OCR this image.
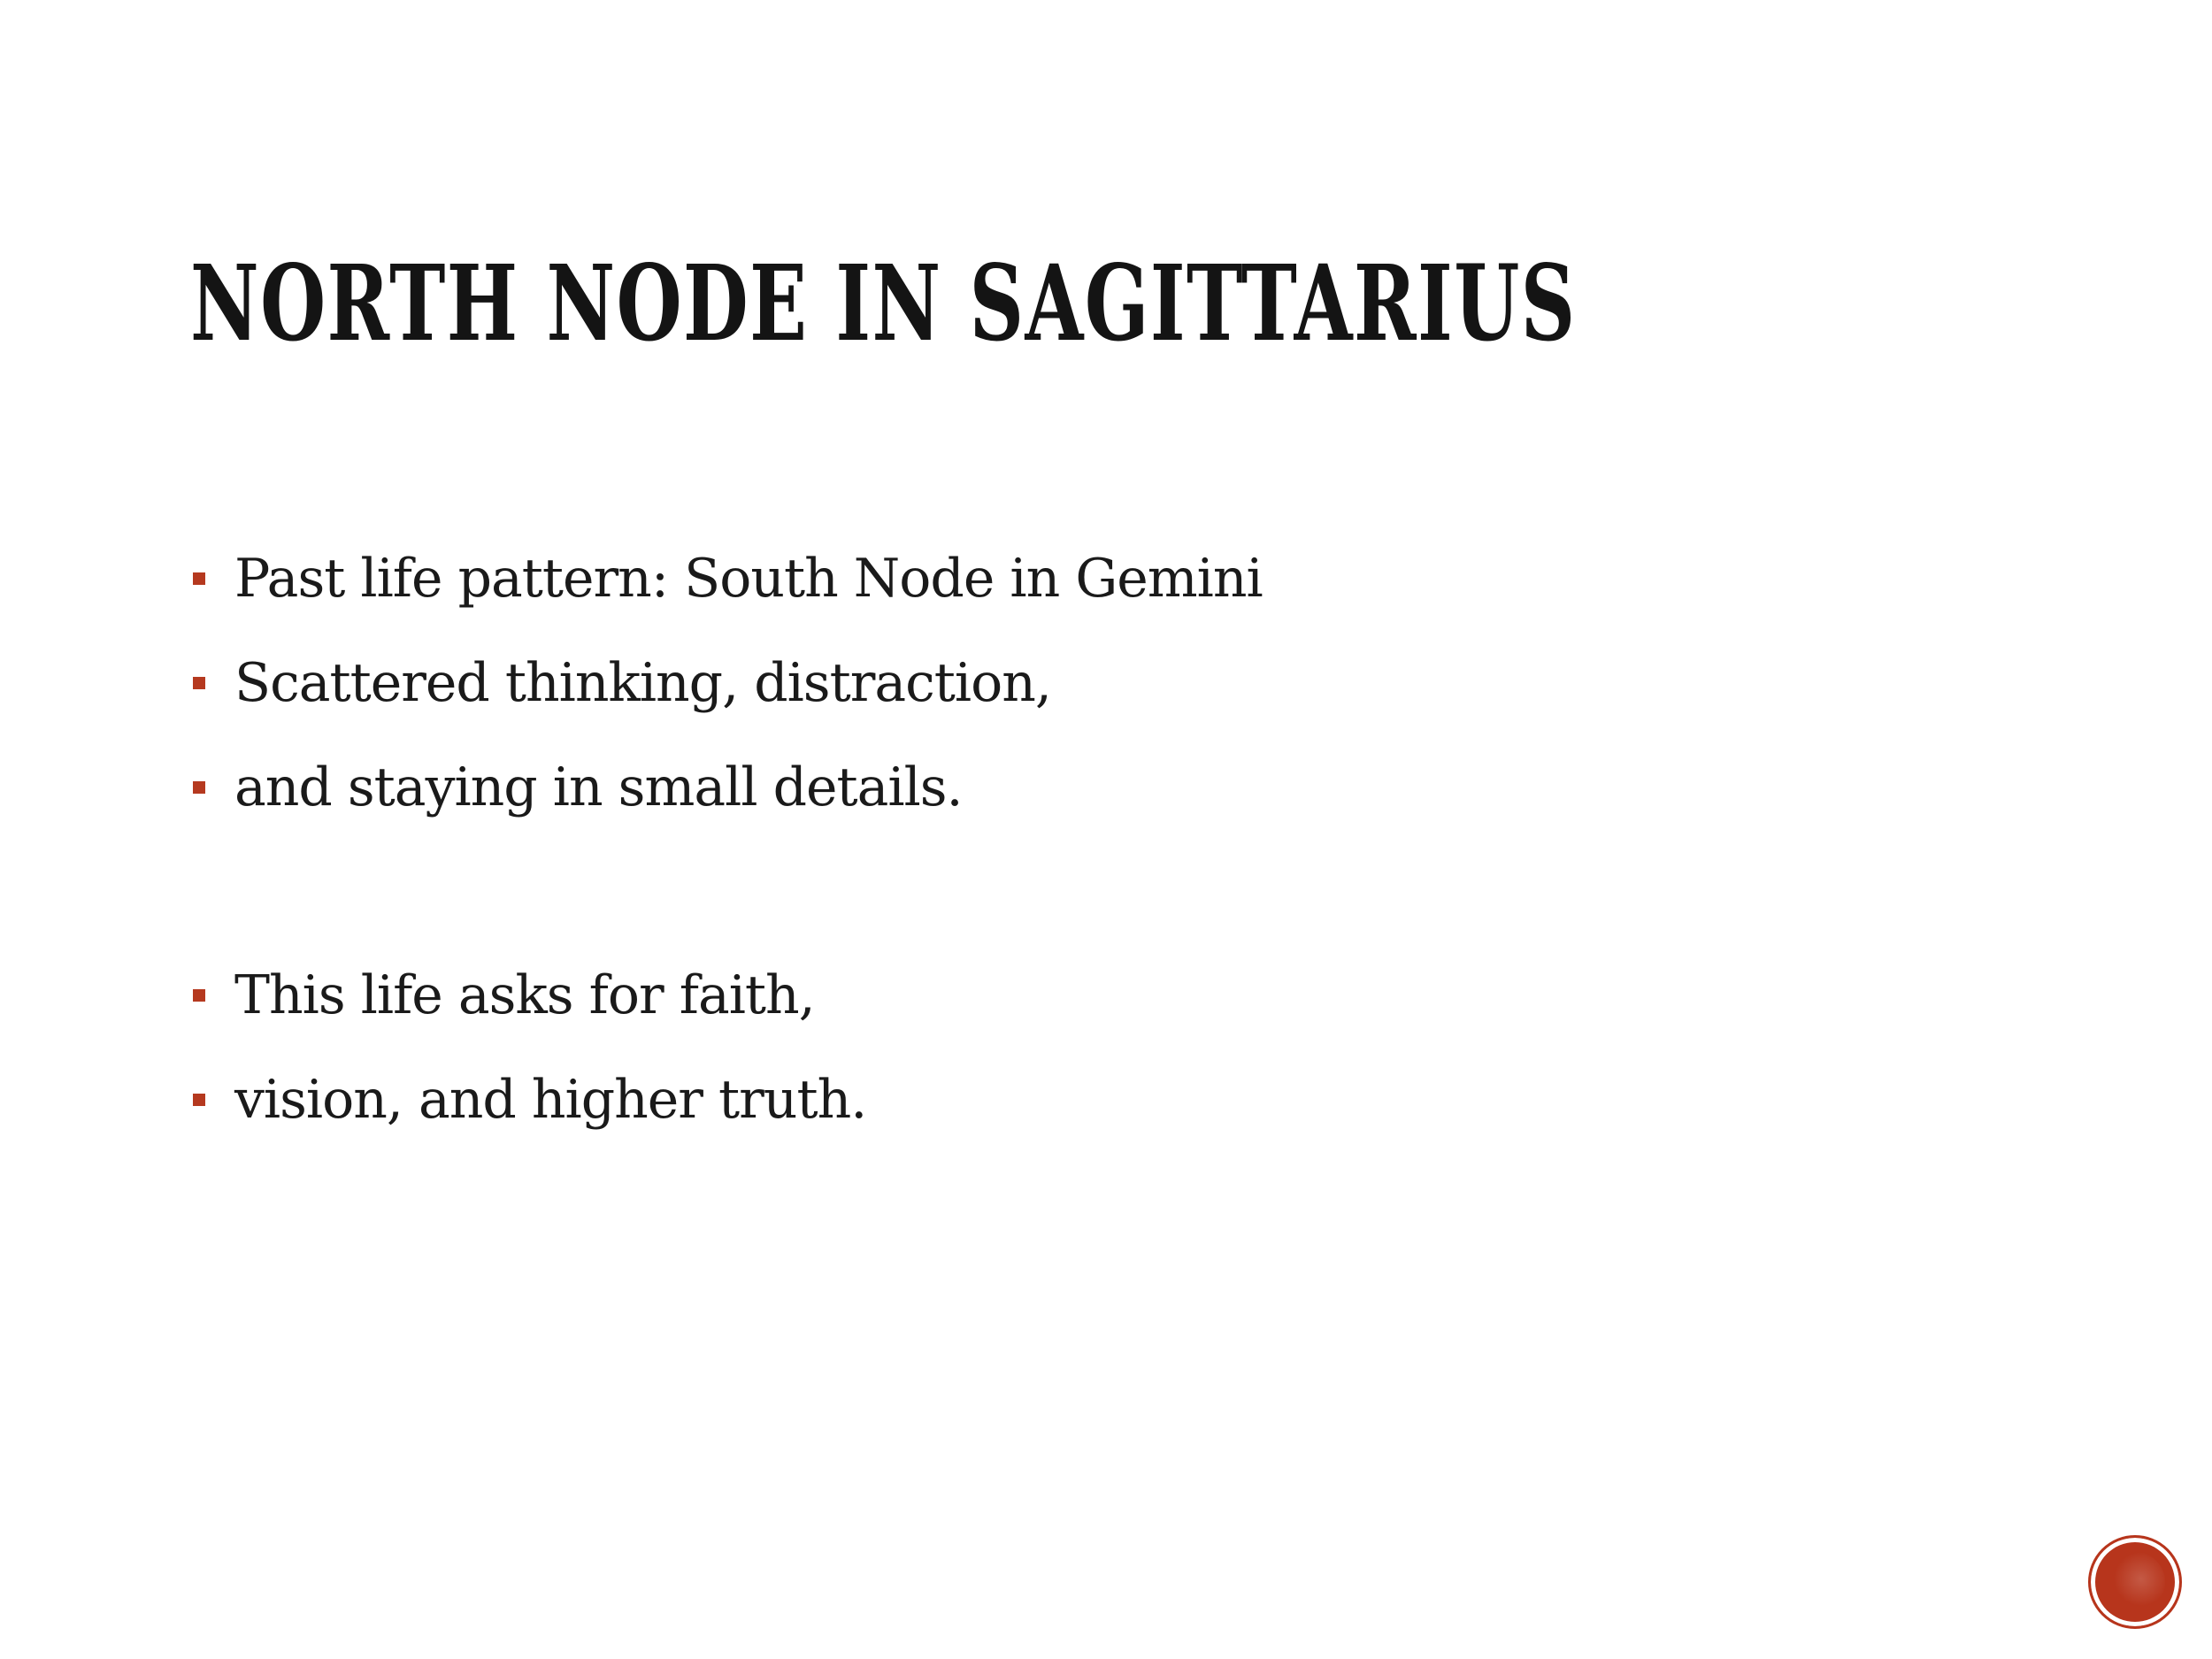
NORTH NODE IN SAGITTARIUS
Past life pattern: South Node in Gemini
Scattered thinking, distraction,
and staying in small details.
This life asks for faith,
vision, and higher truth.
